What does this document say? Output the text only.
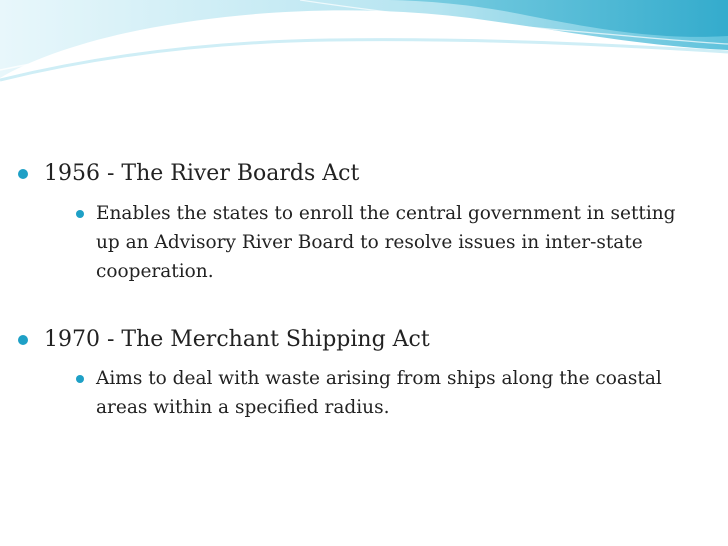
1956 - The River Boards Act
Enables the states to enroll the central government in setting up an Advisory River Board to resolve issues in inter-state cooperation.
1970 - The Merchant Shipping Act
Aims to deal with waste arising from ships along the coastal areas within a specified radius.
